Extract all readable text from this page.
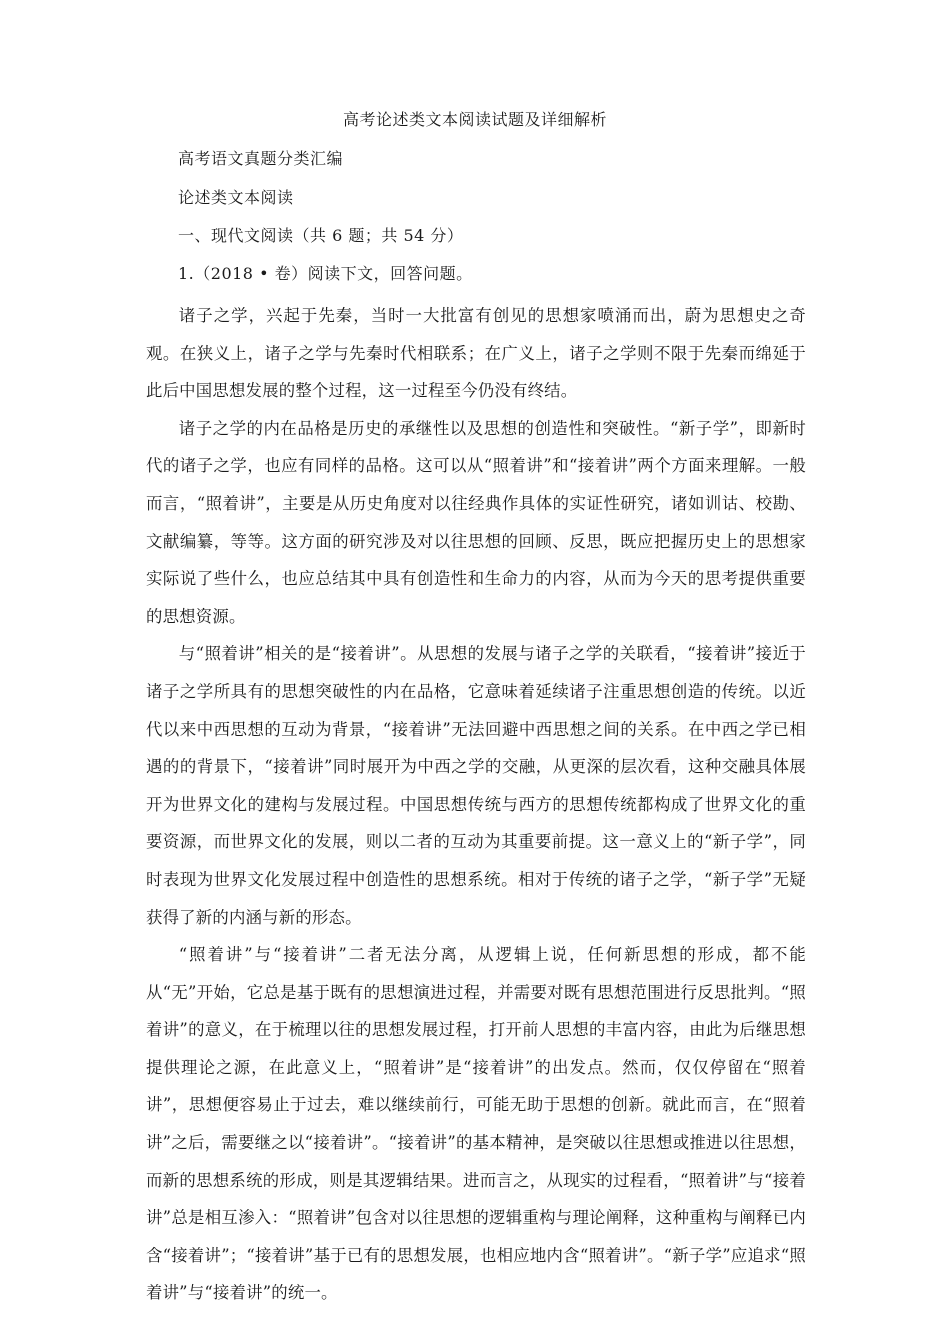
高考论述类文本阅读试题及详细解析
高考语文真题分类汇编
论述类文本阅读
一、现代文阅读（共 6 题；共 54 分）
1.（2018 • 卷）阅读下文，回答问题。

诸子之学，兴起于先秦，当时一大批富有创见的思想家喷涌而出，蔚为思想史之奇观。在狭义上，诸子之学与先秦时代相联系；在广义上，诸子之学则不限于先秦而绵延于此后中国思想发展的整个过程，这一过程至今仍没有终结。

诸子之学的内在品格是历史的承继性以及思想的创造性和突破性。“新子学”，即新时代的诸子之学，也应有同样的品格。这可以从“照着讲”和“接着讲”两个方面来理解。一般而言，“照着讲”，主要是从历史角度对以往经典作具体的实证性研究，诸如训诂、校勘、文献编纂，等等。这方面的研究涉及对以往思想的回顾、反思，既应把握历史上的思想家实际说了些什么，也应总结其中具有创造性和生命力的内容，从而为今天的思考提供重要的思想资源。

与“照着讲”相关的是“接着讲”。从思想的发展与诸子之学的关联看，“接着讲”接近于诸子之学所具有的思想突破性的内在品格，它意味着延续诸子注重思想创造的传统。以近代以来中西思想的互动为背景，“接着讲”无法回避中西思想之间的关系。在中西之学已相遇的的背景下，“接着讲”同时展开为中西之学的交融，从更深的层次看，这种交融具体展开为世界文化的建构与发展过程。中国思想传统与西方的思想传统都构成了世界文化的重要资源，而世界文化的发展，则以二者的互动为其重要前提。这一意义上的“新子学”，同时表现为世界文化发展过程中创造性的思想系统。相对于传统的诸子之学，“新子学”无疑获得了新的内涵与新的形态。

“照着讲”与“接着讲”二者无法分离，从逻辑上说，任何新思想的形成，都不能从“无”开始，它总是基于既有的思想演进过程，并需要对既有思想范围进行反思批判。“照着讲”的意义，在于梳理以往的思想发展过程，打开前人思想的丰富内容，由此为后继思想提供理论之源，在此意义上，“照着讲”是“接着讲”的出发点。然而，仅仅停留在“照着讲”，思想便容易止于过去，难以继续前行，可能无助于思想的创新。就此而言，在“照着讲”之后，需要继之以“接着讲”。“接着讲”的基本精神，是突破以往思想或推进以往思想，而新的思想系统的形成，则是其逻辑结果。进而言之，从现实的过程看，“照着讲”与“接着讲”总是相互渗入：“照着讲”包含对以往思想的逻辑重构与理论阐释，这种重构与阐释已内含“接着讲”；“接着讲”基于已有的思想发展，也相应地内含“照着讲”。“新子学”应追求“照着讲”与“接着讲”的统一。
